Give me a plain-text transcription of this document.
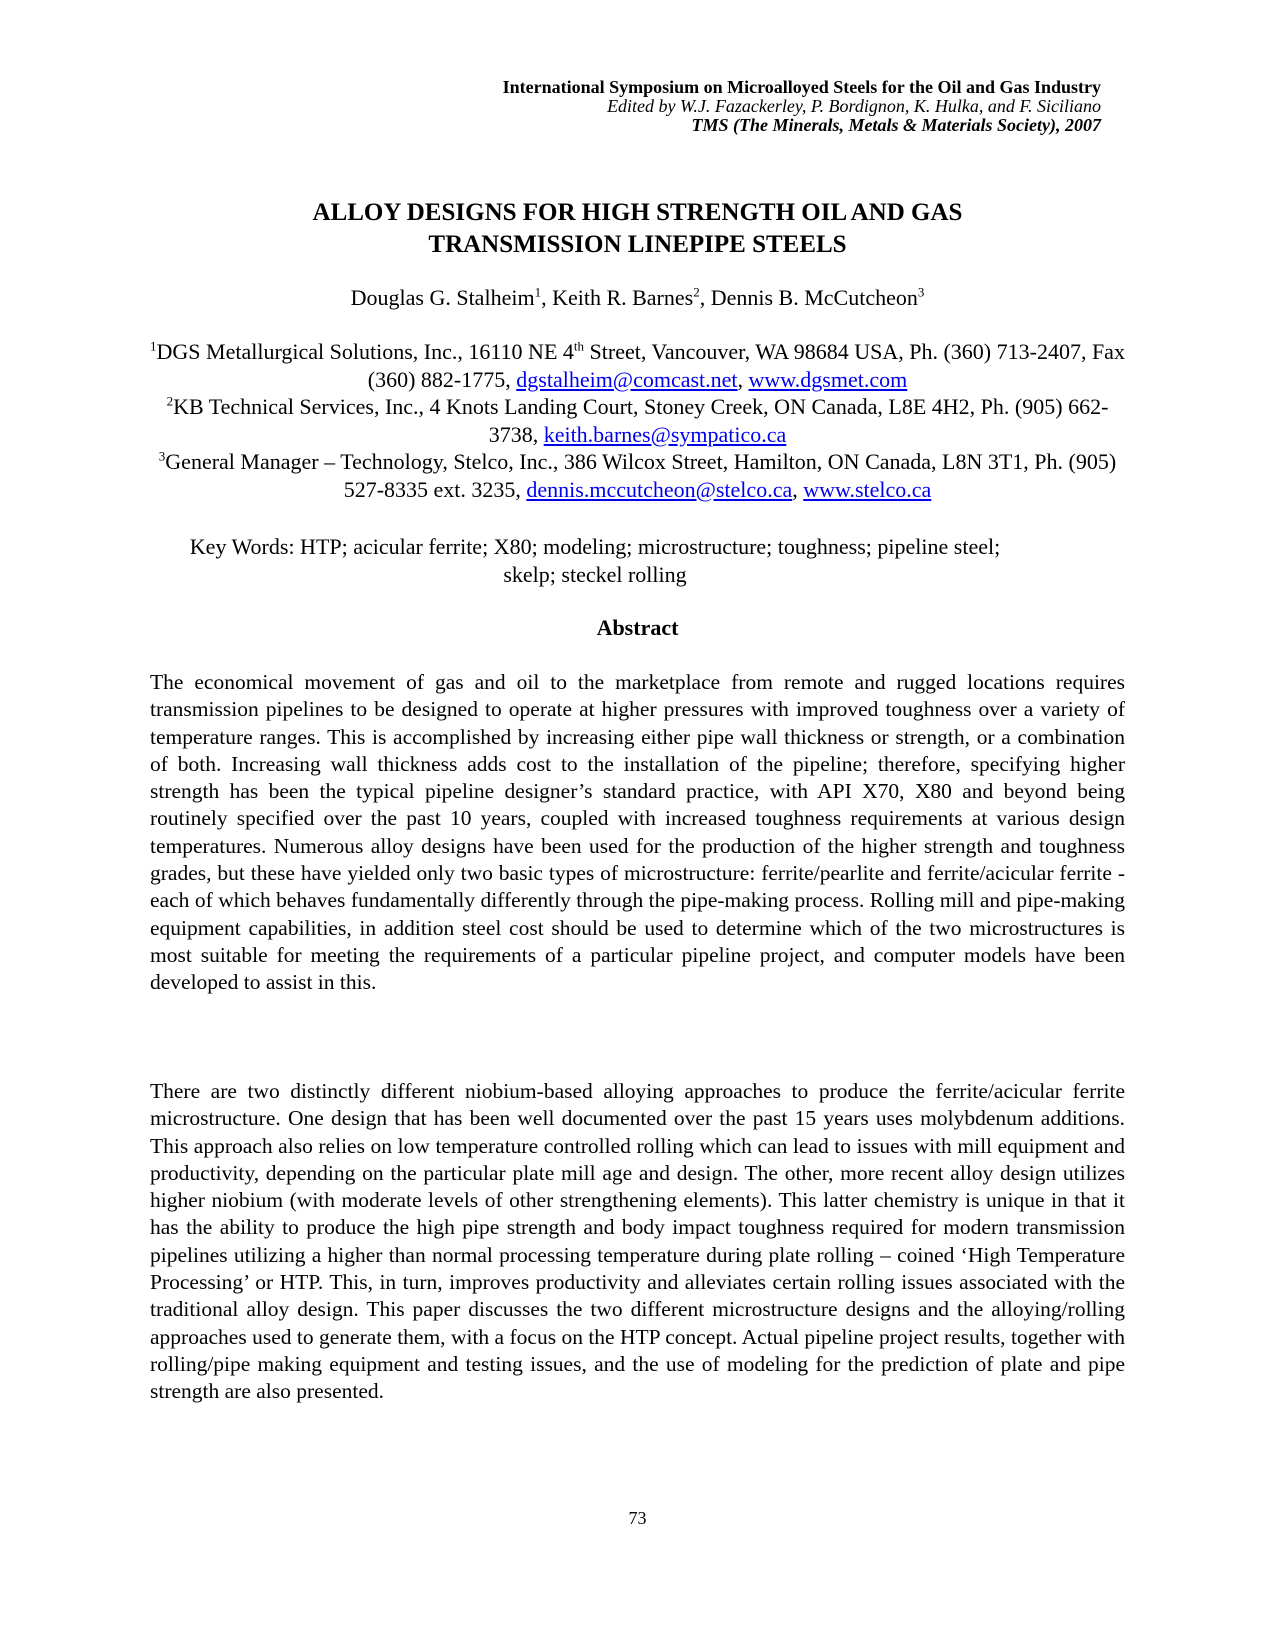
International Symposium on Microalloyed Steels for the Oil and Gas Industry
Edited by W.J. Fazackerley, P. Bordignon, K. Hulka, and F. Siciliano
TMS (The Minerals, Metals & Materials Society), 2007
ALLOY DESIGNS FOR HIGH STRENGTH OIL AND GAS
TRANSMISSION LINEPIPE STEELS
Douglas G. Stalheim$^1$, Keith R. Barnes$^2$, Dennis B. McCutcheon$^3$
$^1$DGS Metallurgical Solutions, Inc., 16110 NE 4th Street, Vancouver, WA 98684 USA, Ph. (360) 713-2407, Fax (360) 882-1775, dgstalheim@comcast.net, www.dgsmet.com
$^2$KB Technical Services, Inc., 4 Knots Landing Court, Stoney Creek, ON Canada, L8E 4H2, Ph. (905) 662-3738, keith.barnes@sympatico.ca
$^3$General Manager – Technology, Stelco, Inc., 386 Wilcox Street, Hamilton, ON Canada, L8N 3T1, Ph. (905) 527-8335 ext. 3235, dennis.mccutcheon@stelco.ca, www.stelco.ca
Key Words: HTP; acicular ferrite; X80; modeling; microstructure; toughness; pipeline steel; skelp; steckel rolling
Abstract
The economical movement of gas and oil to the marketplace from remote and rugged locations requires transmission pipelines to be designed to operate at higher pressures with improved toughness over a variety of temperature ranges. This is accomplished by increasing either pipe wall thickness or strength, or a combination of both. Increasing wall thickness adds cost to the installation of the pipeline; therefore, specifying higher strength has been the typical pipeline designer’s standard practice, with API X70, X80 and beyond being routinely specified over the past 10 years, coupled with increased toughness requirements at various design temperatures. Numerous alloy designs have been used for the production of the higher strength and toughness grades, but these have yielded only two basic types of microstructure: ferrite/pearlite and ferrite/acicular ferrite - each of which behaves fundamentally differently through the pipe-making process. Rolling mill and pipe-making equipment capabilities, in addition steel cost should be used to determine which of the two microstructures is most suitable for meeting the requirements of a particular pipeline project, and computer models have been developed to assist in this.
There are two distinctly different niobium-based alloying approaches to produce the ferrite/acicular ferrite microstructure. One design that has been well documented over the past 15 years uses molybdenum additions. This approach also relies on low temperature controlled rolling which can lead to issues with mill equipment and productivity, depending on the particular plate mill age and design. The other, more recent alloy design utilizes higher niobium (with moderate levels of other strengthening elements). This latter chemistry is unique in that it has the ability to produce the high pipe strength and body impact toughness required for modern transmission pipelines utilizing a higher than normal processing temperature during plate rolling – coined ‘High Temperature Processing’ or HTP. This, in turn, improves productivity and alleviates certain rolling issues associated with the traditional alloy design. This paper discusses the two different microstructure designs and the alloying/rolling approaches used to generate them, with a focus on the HTP concept. Actual pipeline project results, together with rolling/pipe making equipment and testing issues, and the use of modeling for the prediction of plate and pipe strength are also presented.
73
